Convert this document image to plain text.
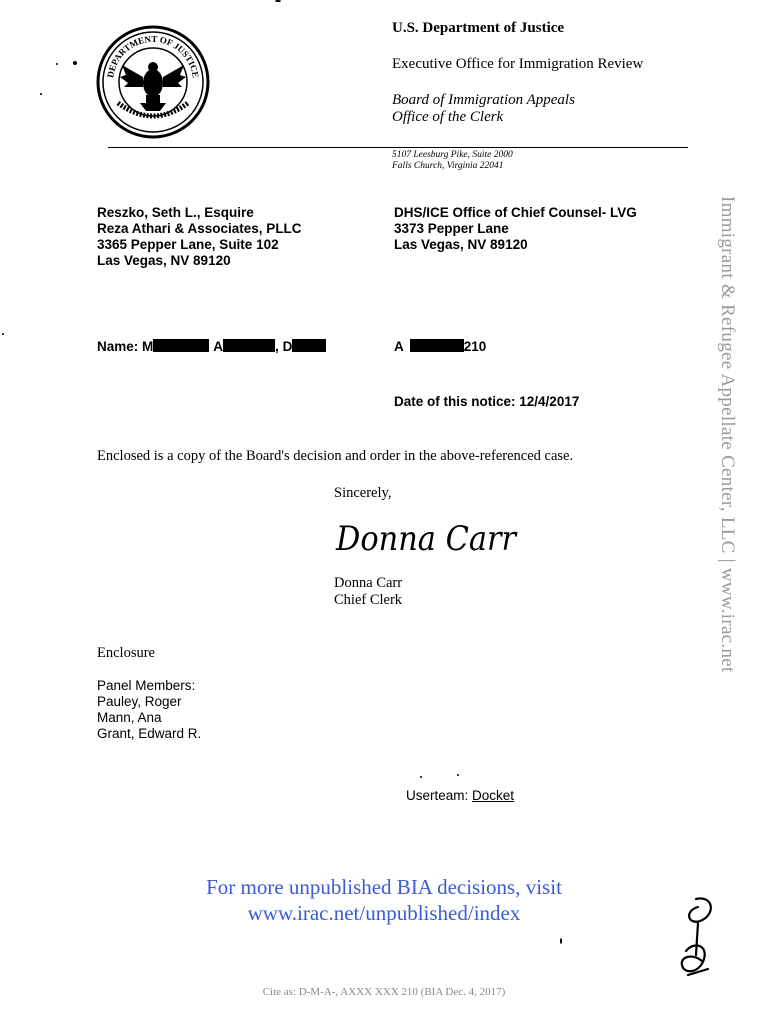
DEPARTMENT OF JUSTICE
U.S. Department of Justice
Executive Office for Immigration Review
Board of Immigration Appeals
Office of the Clerk
5107 Leesburg Pike, Suite 2000
Falls Church, Virginia 22041
Reszko, Seth L., Esquire
Reza Athari & Associates, PLLC
3365 Pepper Lane, Suite 102
Las Vegas, NV 89120
DHS/ICE Office of Chief Counsel- LVG
3373 Pepper Lane
Las Vegas, NV 89120
Name: M	A	, D	A	210
Date of this notice: 12/4/2017
Enclosed is a copy of the Board's decision and order in the above-referenced case.
Sincerely,
Donna Carr
Donna Carr
Chief Clerk
Enclosure
Panel Members:
Pauley, Roger
Mann, Ana
Grant, Edward R.
Userteam: Docket
For more unpublished BIA decisions, visit
www.irac.net/unpublished/index
Cite as: D-M-A-, AXXX XXX 210 (BIA Dec. 4, 2017)
Immigrant & Refugee Appellate Center, LLC | www.irac.net
